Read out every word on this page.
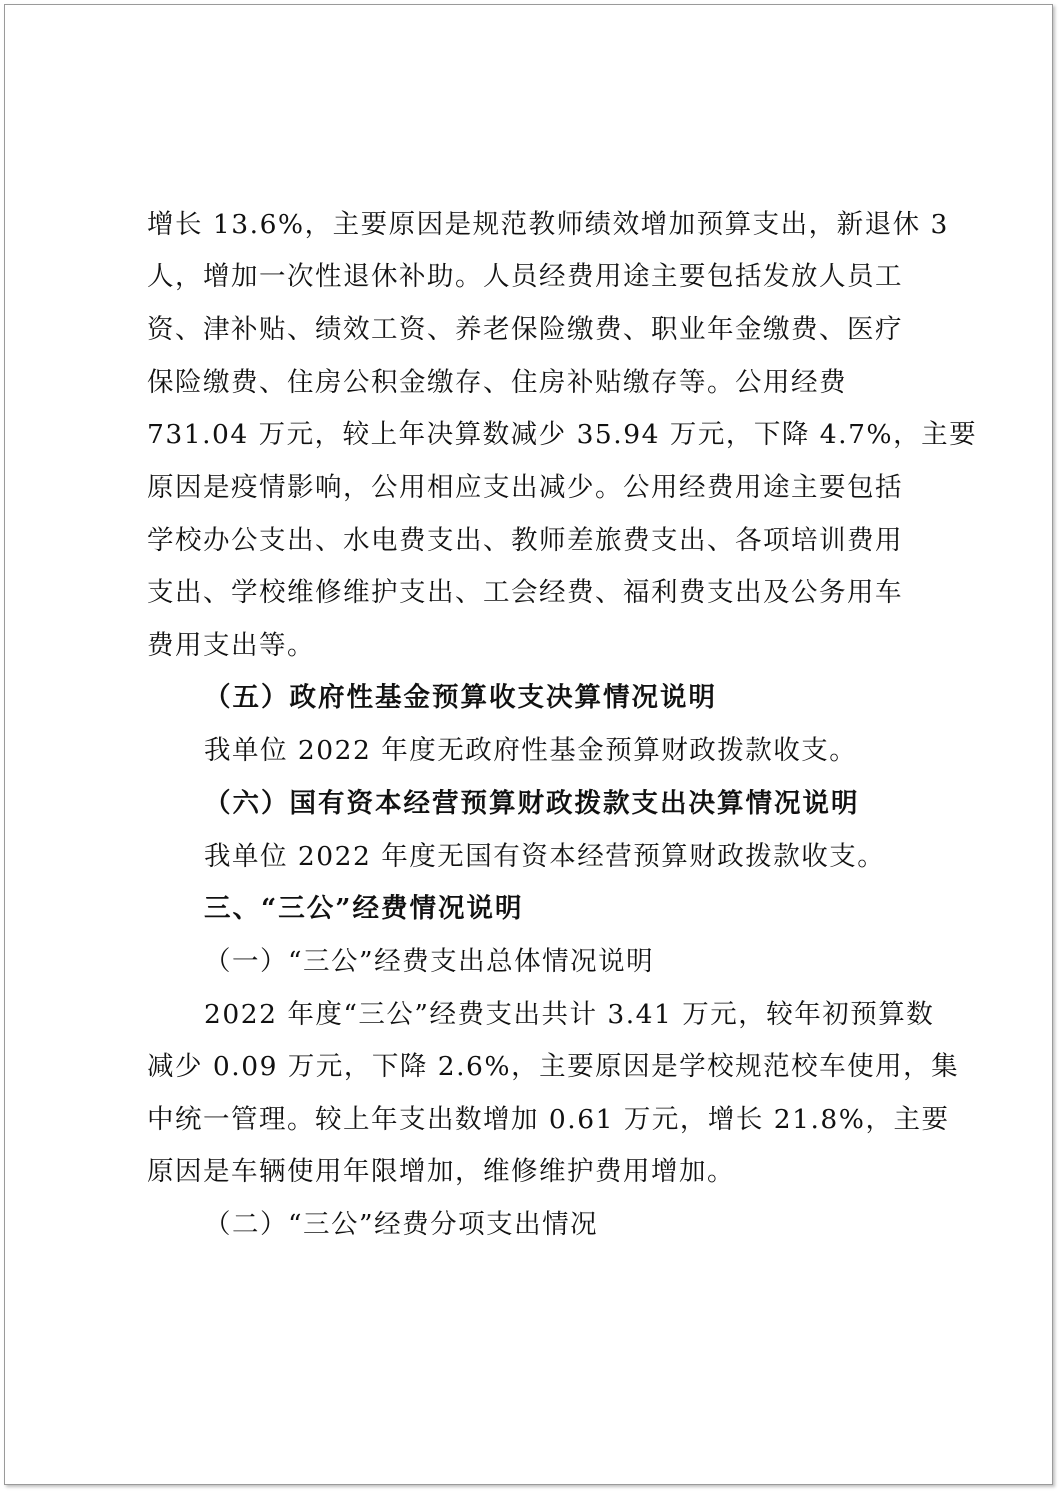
增长 13.6%，主要原因是规范教师绩效增加预算支出，新退休 3
人，增加一次性退休补助。人员经费用途主要包括发放人员工
资、津补贴、绩效工资、养老保险缴费、职业年金缴费、医疗
保险缴费、住房公积金缴存、住房补贴缴存等。公用经费
731.04 万元，较上年决算数减少 35.94 万元，下降 4.7%，主要
原因是疫情影响，公用相应支出减少。公用经费用途主要包括
学校办公支出、水电费支出、教师差旅费支出、各项培训费用
支出、学校维修维护支出、工会经费、福利费支出及公务用车
费用支出等。
（五）政府性基金预算收支决算情况说明
我单位 2022 年度无政府性基金预算财政拨款收支。
（六）国有资本经营预算财政拨款支出决算情况说明
我单位 2022 年度无国有资本经营预算财政拨款收支。
三、“三公”经费情况说明
（一）“三公”经费支出总体情况说明
2022 年度“三公”经费支出共计 3.41 万元，较年初预算数
减少 0.09 万元，下降 2.6%，主要原因是学校规范校车使用，集
中统一管理。较上年支出数增加 0.61 万元，增长 21.8%，主要
原因是车辆使用年限增加，维修维护费用增加。
（二）“三公”经费分项支出情况
